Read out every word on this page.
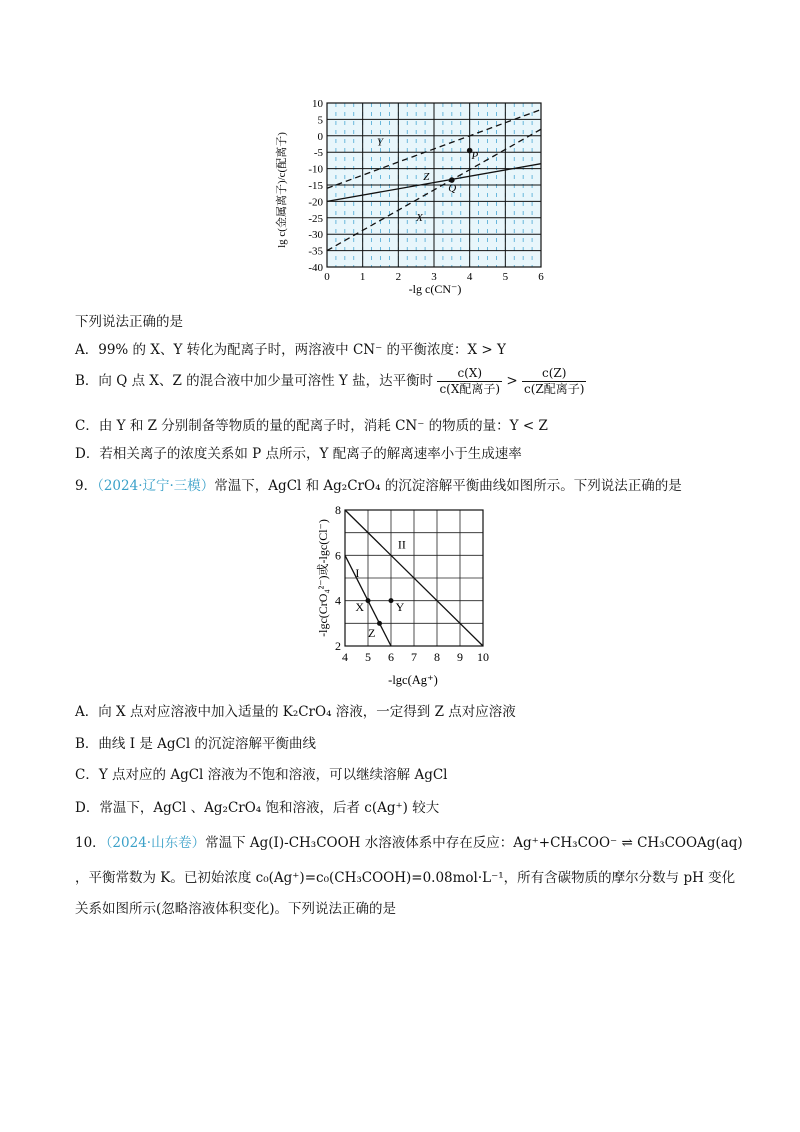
0	1	2	3	4	5	6
10
5
0
-5
-10
-15
-20
-25
-30
-35
-40
X
Y
Z
P
Q
-lg c(CN⁻)
lg c(金属离子)/c(配离子)
下列说法正确的是
A．99% 的 X、Y 转化为配离子时，两溶液中 CN⁻ 的平衡浓度：X > Y
B．向 Q 点 X、Z 的混合液中加少量可溶性 Y 盐，达平衡时 $\frac{c(X)}{\text{c(X配离子)}} > \frac{c(Z)}{\text{c(Z配离子)}}$
C．由 Y 和 Z 分别制备等物质的量的配离子时，消耗 CN⁻ 的物质的量：Y < Z
D．若相关离子的浓度关系如 P 点所示，Y 配离子的解离速率小于生成速率
9．（2024·辽宁·三模）常温下，AgCl 和 Ag₂CrO₄ 的沉淀溶解平衡曲线如图所示。下列说法正确的是
4 5 6 7 8 9 10
2
4
6
8
I
II
X	Y
Z
-lgc(Ag⁺)
-lgc(CrO₄²⁻)或-lgc(Cl⁻)
A．向 X 点对应溶液中加入适量的 K₂CrO₄ 溶液，一定得到 Z 点对应溶液
B．曲线 I 是 AgCl 的沉淀溶解平衡曲线
C．Y 点对应的 AgCl 溶液为不饱和溶液，可以继续溶解 AgCl
D．常温下，AgCl 、Ag₂CrO₄ 饱和溶液，后者 c(Ag⁺) 较大
10．（2024·山东卷）常温下 Ag(Ⅰ)-CH₃COOH 水溶液体系中存在反应：Ag⁺+CH₃COO⁻ ⇌ CH₃COOAg(aq)
，平衡常数为 K。已初始浓度 c₀(Ag⁺)=c₀(CH₃COOH)=0.08mol·L⁻¹，所有含碳物质的摩尔分数与 pH 变化
关系如图所示(忽略溶液体积变化)。下列说法正确的是
